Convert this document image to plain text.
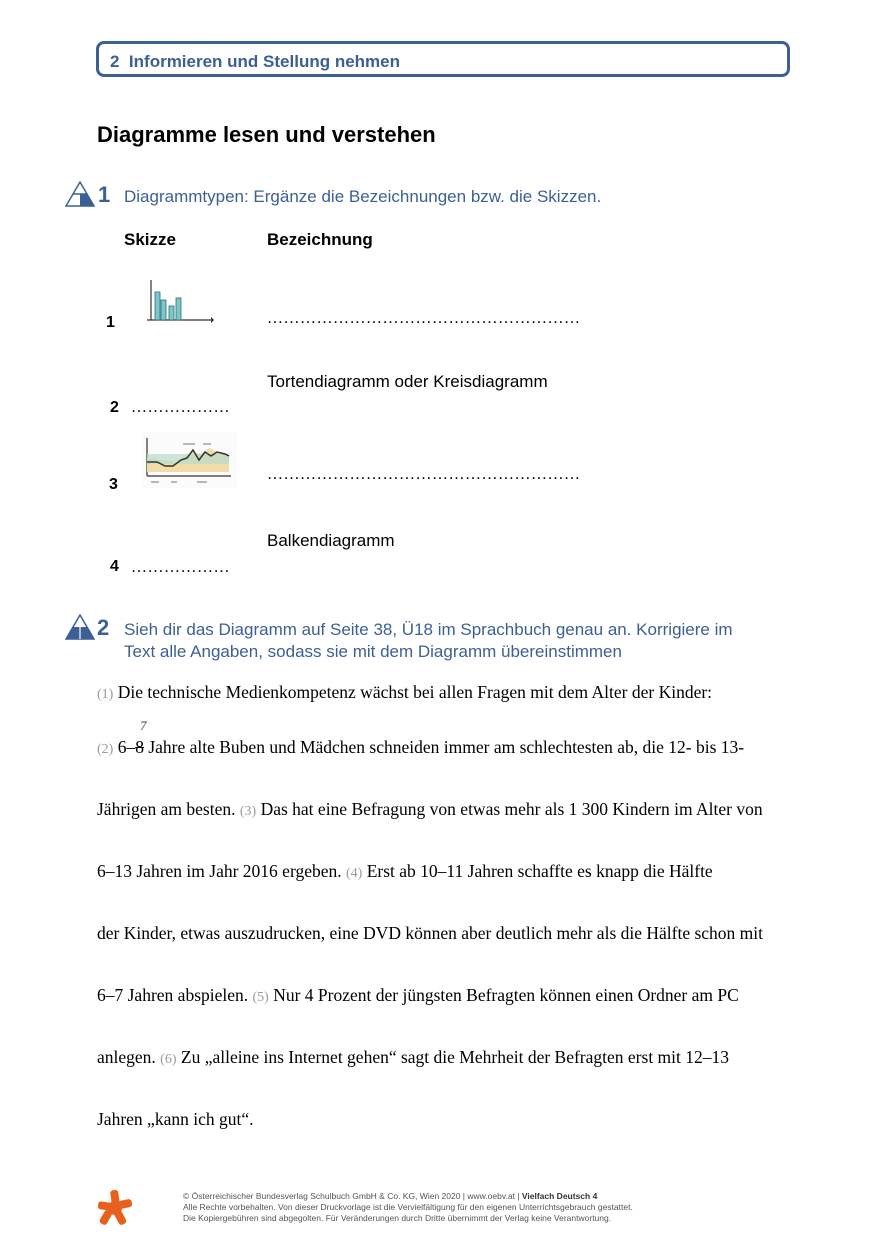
2 Informieren und Stellung nehmen
Diagramme lesen und verstehen
1 Diagrammtypen: Ergänze die Bezeichnungen bzw. die Skizzen.
Skizze	Bezeichnung
1	…………………………………………………
Tortendiagramm oder Kreisdiagramm
2 ………………
3
…………………………………………………
Balkendiagramm
4 ………………
2 Sieh dir das Diagramm auf Seite 38, Ü18 im Sprachbuch genau an. Korrigiere im
Text alle Angaben, sodass sie mit dem Diagramm übereinstimmen
(1) Die technische Medienkompetenz wächst bei allen Fragen mit dem Alter der Kinder:
7
(2) 6–8 Jahre alte Buben und Mädchen schneiden immer am schlechtesten ab, die 12- bis 13-
Jährigen am besten. (3) Das hat eine Befragung von etwas mehr als 1 300 Kindern im Alter von
6–13 Jahren im Jahr 2016 ergeben. (4) Erst ab 10–11 Jahren schaffte es knapp die Hälfte
der Kinder, etwas auszudrucken, eine DVD können aber deutlich mehr als die Hälfte schon mit
6–7 Jahren abspielen. (5) Nur 4 Prozent der jüngsten Befragten können einen Ordner am PC
anlegen. (6) Zu „alleine ins Internet gehen“ sagt die Mehrheit der Befragten erst mit 12–13
Jahren „kann ich gut“.
© Österreichischer Bundesverlag Schulbuch GmbH & Co. KG, Wien 2020 | www.oebv.at | Vielfach Deutsch 4
Alle Rechte vorbehalten. Von dieser Druckvorlage ist die Vervielfältigung für den eigenen Unterrichtsgebrauch gestattet.
Die Kopiergebühren sind abgegolten. Für Veränderungen durch Dritte übernimmt der Verlag keine Verantwortung.
